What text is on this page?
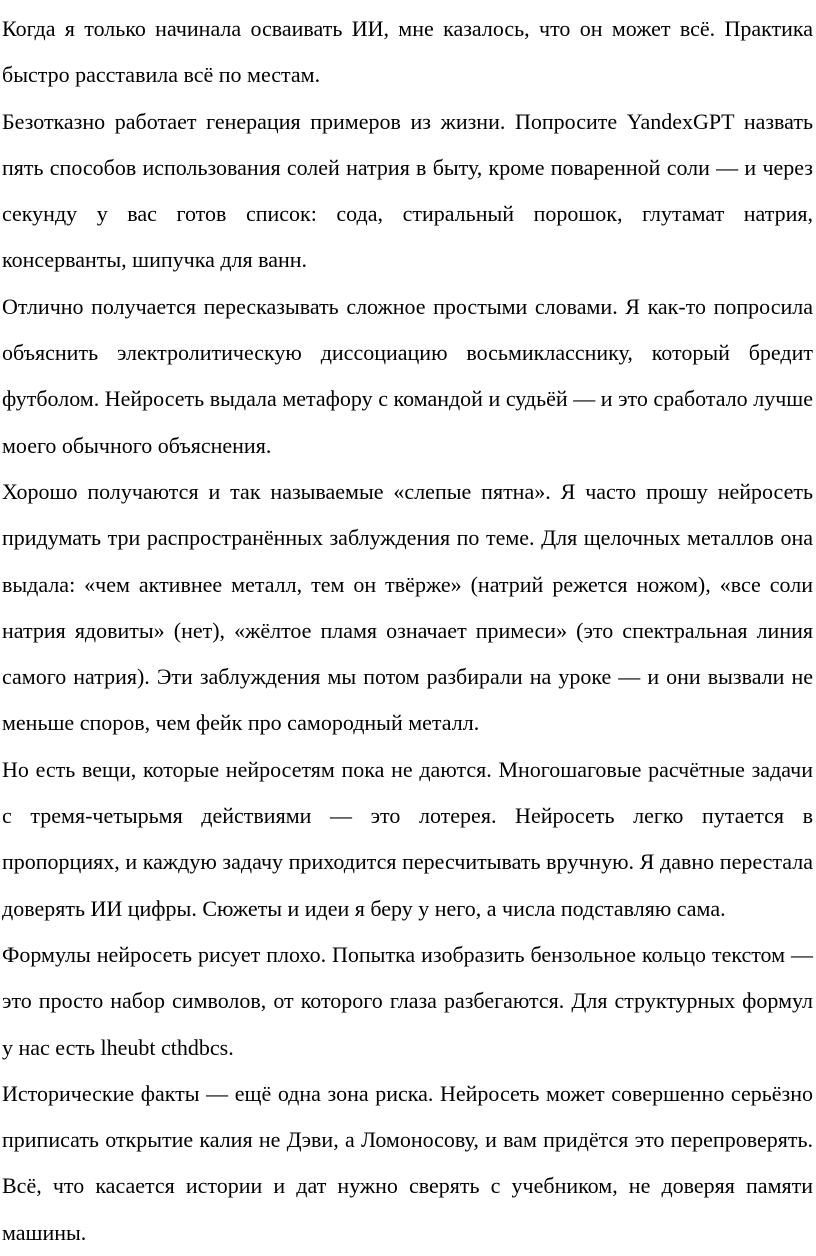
Когда я только начинала осваивать ИИ, мне казалось, что он может всё. Практика быстро расставила всё по местам.

Безотказно работает генерация примеров из жизни. Попросите YandexGPT назвать пять способов использования солей натрия в быту, кроме поваренной соли — и через секунду у вас готов список: сода, стиральный порошок, глутамат натрия, консерванты, шипучка для ванн.

Отлично получается пересказывать сложное простыми словами. Я как-то попросила объяснить электролитическую диссоциацию восьмикласснику, который бредит футболом. Нейросеть выдала метафору с командой и судьёй — и это сработало лучше моего обычного объяснения.

Хорошо получаются и так называемые «слепые пятна». Я часто прошу нейросеть придумать три распространённых заблуждения по теме. Для щелочных металлов она выдала: «чем активнее металл, тем он твёрже» (натрий режется ножом), «все соли натрия ядовиты» (нет), «жёлтое пламя означает примеси» (это спектральная линия самого натрия). Эти заблуждения мы потом разбирали на уроке — и они вызвали не меньше споров, чем фейк про самородный металл.

Но есть вещи, которые нейросетям пока не даются. Многошаговые расчётные задачи с тремя-четырьмя действиями — это лотерея. Нейросеть легко путается в пропорциях, и каждую задачу приходится пересчитывать вручную. Я давно перестала доверять ИИ цифры. Сюжеты и идеи я беру у него, а числа подставляю сама.

Формулы нейросеть рисует плохо. Попытка изобразить бензольное кольцо текстом — это просто набор символов, от которого глаза разбегаются. Для структурных формул у нас есть lheubt cthdbcs.

Исторические факты — ещё одна зона риска. Нейросеть может совершенно серьёзно приписать открытие калия не Дэви, а Ломоносову, и вам придётся это перепроверять. Всё, что касается истории и дат нужно сверять с учебником, не доверяя памяти машины.
